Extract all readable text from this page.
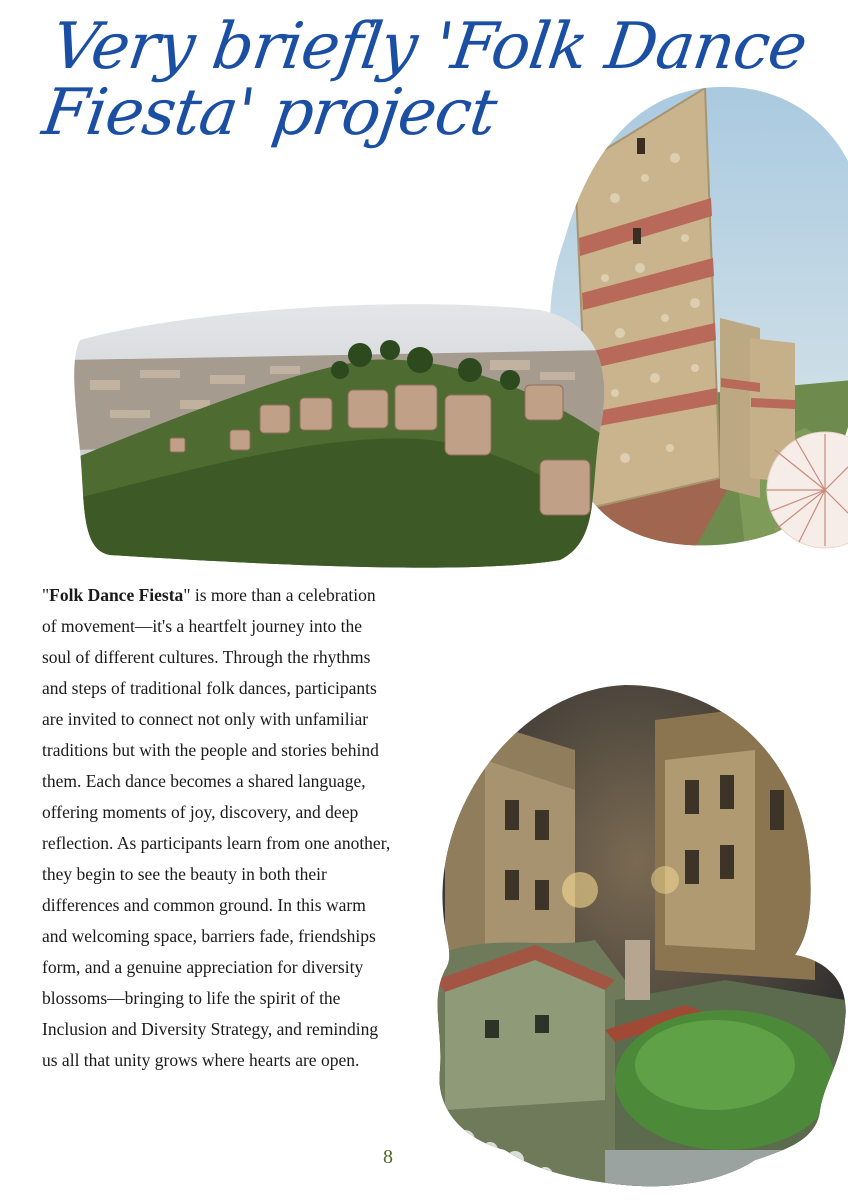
Very briefly 'Folk Dance
Fiesta' project

"Folk Dance Fiesta" is more than a celebration of movement—it's a heartfelt journey into the soul of different cultures. Through the rhythms and steps of traditional folk dances, participants are invited to connect not only with unfamiliar traditions but with the people and stories behind them. Each dance becomes a shared language, offering moments of joy, discovery, and deep reflection. As participants learn from one another, they begin to see the beauty in both their differences and common ground. In this warm and welcoming space, barriers fade, friendships form, and a genuine appreciation for diversity blossoms—bringing to life the spirit of the Inclusion and Diversity Strategy, and reminding us all that unity grows where hearts are open.

8
